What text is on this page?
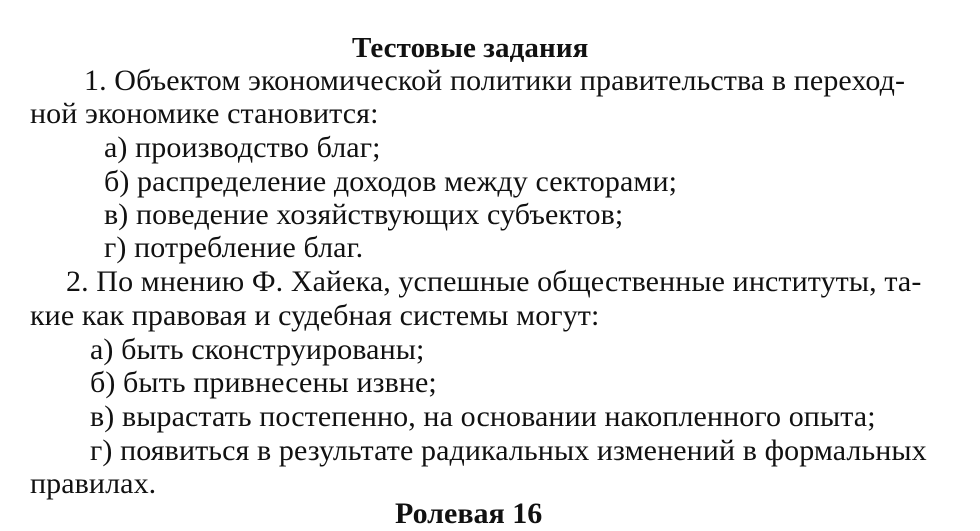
Тестовые задания
1. Объектом экономической политики правительства в переход-
ной экономике становится:
а) производство благ;
б) распределение доходов между секторами;
в) поведение хозяйствующих субъектов;
г) потребление благ.
2. По мнению Ф. Хайека, успешные общественные институты, та-
кие как правовая и судебная системы могут:
а) быть сконструированы;
б) быть привнесены извне;
в) вырастать постепенно, на основании накопленного опыта;
г) появиться в результате радикальных изменений в формальных
правилах.
Ролевая 16
